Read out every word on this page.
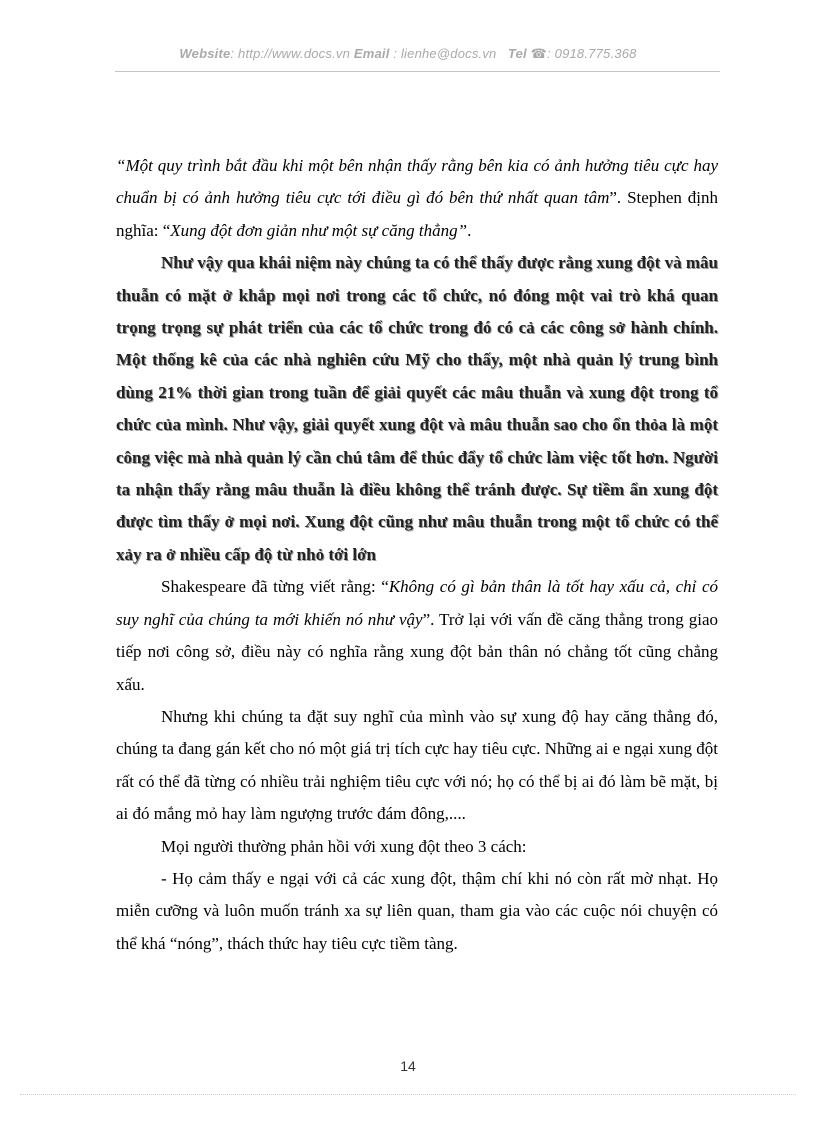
Website: http://www.docs.vn Email : lienhe@docs.vn Tel ☎: 0918.775.368

“Một quy trình bắt đầu khi một bên nhận thấy rằng bên kia có ảnh hưởng tiêu cực hay chuẩn bị có ảnh hưởng tiêu cực tới điều gì đó bên thứ nhất quan tâm”. Stephen định nghĩa: “Xung đột đơn giản như một sự căng thẳng”.

Như vậy qua khái niệm này chúng ta có thể thấy được rằng xung đột và mâu thuẫn có mặt ở khắp mọi nơi trong các tổ chức, nó đóng một vai trò khá quan trọng trọng sự phát triển của các tổ chức trong đó có cả các công sở hành chính. Một thống kê của các nhà nghiên cứu Mỹ cho thấy, một nhà quản lý trung bình dùng 21% thời gian trong tuần để giải quyết các mâu thuẫn và xung đột trong tổ chức của mình. Như vậy, giải quyết xung đột và mâu thuẫn sao cho ổn thỏa là một công việc mà nhà quản lý cần chú tâm để thúc đẩy tổ chức làm việc tốt hơn. Người ta nhận thấy rằng mâu thuẫn là điều không thể tránh được. Sự tiềm ẩn xung đột được tìm thấy ở mọi nơi. Xung đột cũng như mâu thuẫn trong một tổ chức có thể xảy ra ở nhiều cấp độ từ nhỏ tới lớn

Shakespeare đã từng viết rằng: “Không có gì bản thân là tốt hay xấu cả, chỉ có suy nghĩ của chúng ta mới khiến nó như vậy”. Trở lại với vấn đề căng thẳng trong giao tiếp nơi công sở, điều này có nghĩa rằng xung đột bản thân nó chẳng tốt cũng chẳng xấu.

Nhưng khi chúng ta đặt suy nghĩ của mình vào sự xung độ hay căng thẳng đó, chúng ta đang gán kết cho nó một giá trị tích cực hay tiêu cực. Những ai e ngại xung đột rất có thể đã từng có nhiều trải nghiệm tiêu cực với nó; họ có thể bị ai đó làm bẽ mặt, bị ai đó mắng mỏ hay làm ngượng trước đám đông,....

Mọi người thường phản hồi với xung đột theo 3 cách:

- Họ cảm thấy e ngại với cả các xung đột, thậm chí khi nó còn rất mờ nhạt. Họ miễn cưỡng và luôn muốn tránh xa sự liên quan, tham gia vào các cuộc nói chuyện có thể khá “nóng”, thách thức hay tiêu cực tiềm tàng.

14
